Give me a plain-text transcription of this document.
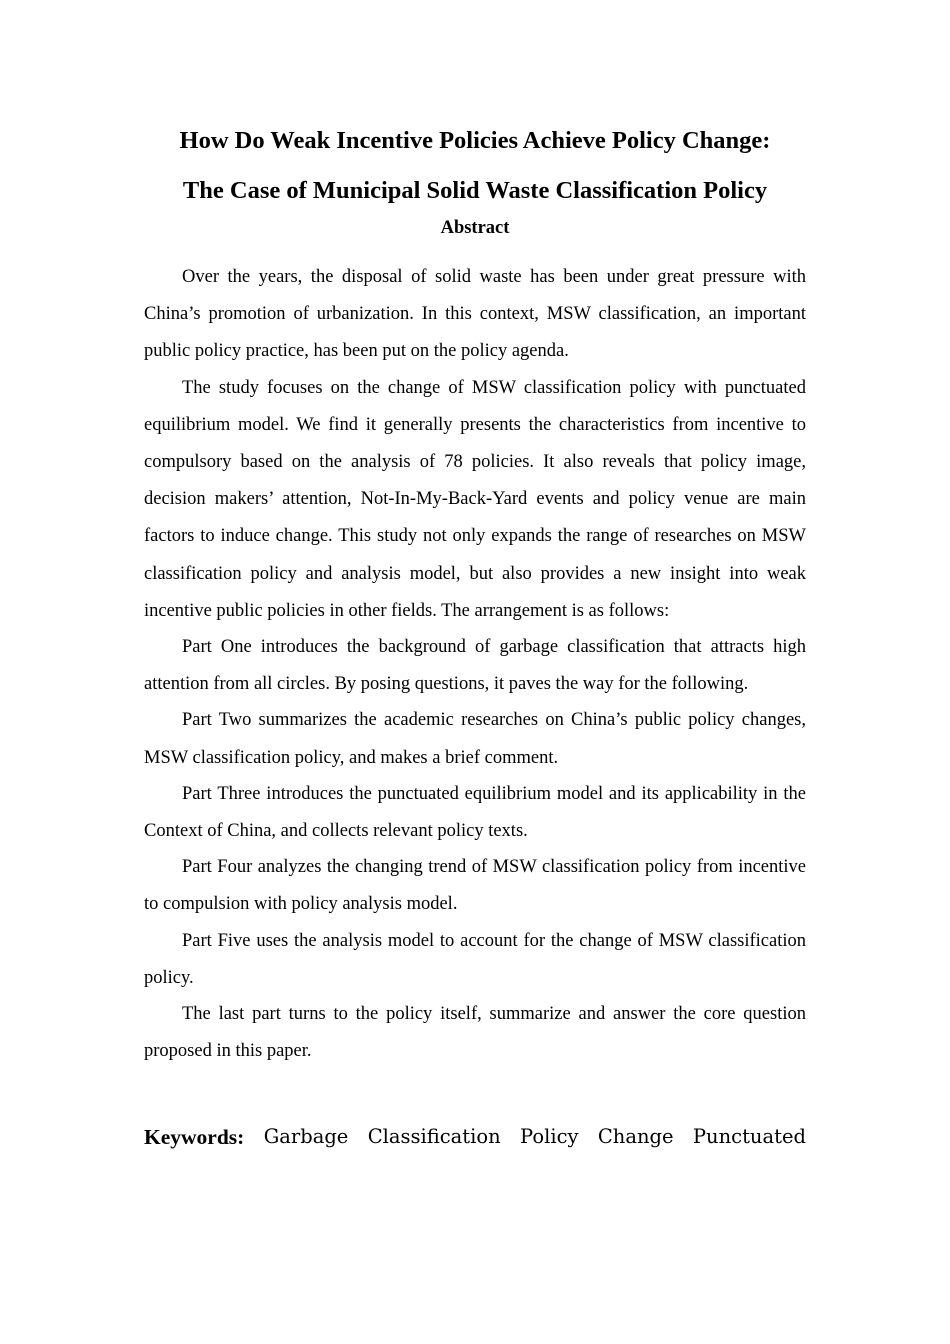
How Do Weak Incentive Policies Achieve Policy Change:
The Case of Municipal Solid Waste Classification Policy
Abstract

Over the years, the disposal of solid waste has been under great pressure with China’s promotion of urbanization. In this context, MSW classification, an important public policy practice, has been put on the policy agenda.

The study focuses on the change of MSW classification policy with punctuated equilibrium model. We find it generally presents the characteristics from incentive to compulsory based on the analysis of 78 policies. It also reveals that policy image, decision makers’ attention, Not-In-My-Back-Yard events and policy venue are main factors to induce change. This study not only expands the range of researches on MSW classification policy and analysis model, but also provides a new insight into weak incentive public policies in other fields. The arrangement is as follows:

Part One introduces the background of garbage classification that attracts high attention from all circles. By posing questions, it paves the way for the following.

Part Two summarizes the academic researches on China’s public policy changes, MSW classification policy, and makes a brief comment.

Part Three introduces the punctuated equilibrium model and its applicability in the Context of China, and collects relevant policy texts.

Part Four analyzes the changing trend of MSW classification policy from incentive to compulsion with policy analysis model.

Part Five uses the analysis model to account for the change of MSW classification policy.

The last part turns to the policy itself, summarize and answer the core question proposed in this paper.

Keywords: Garbage Classification Policy Change Punctuated
